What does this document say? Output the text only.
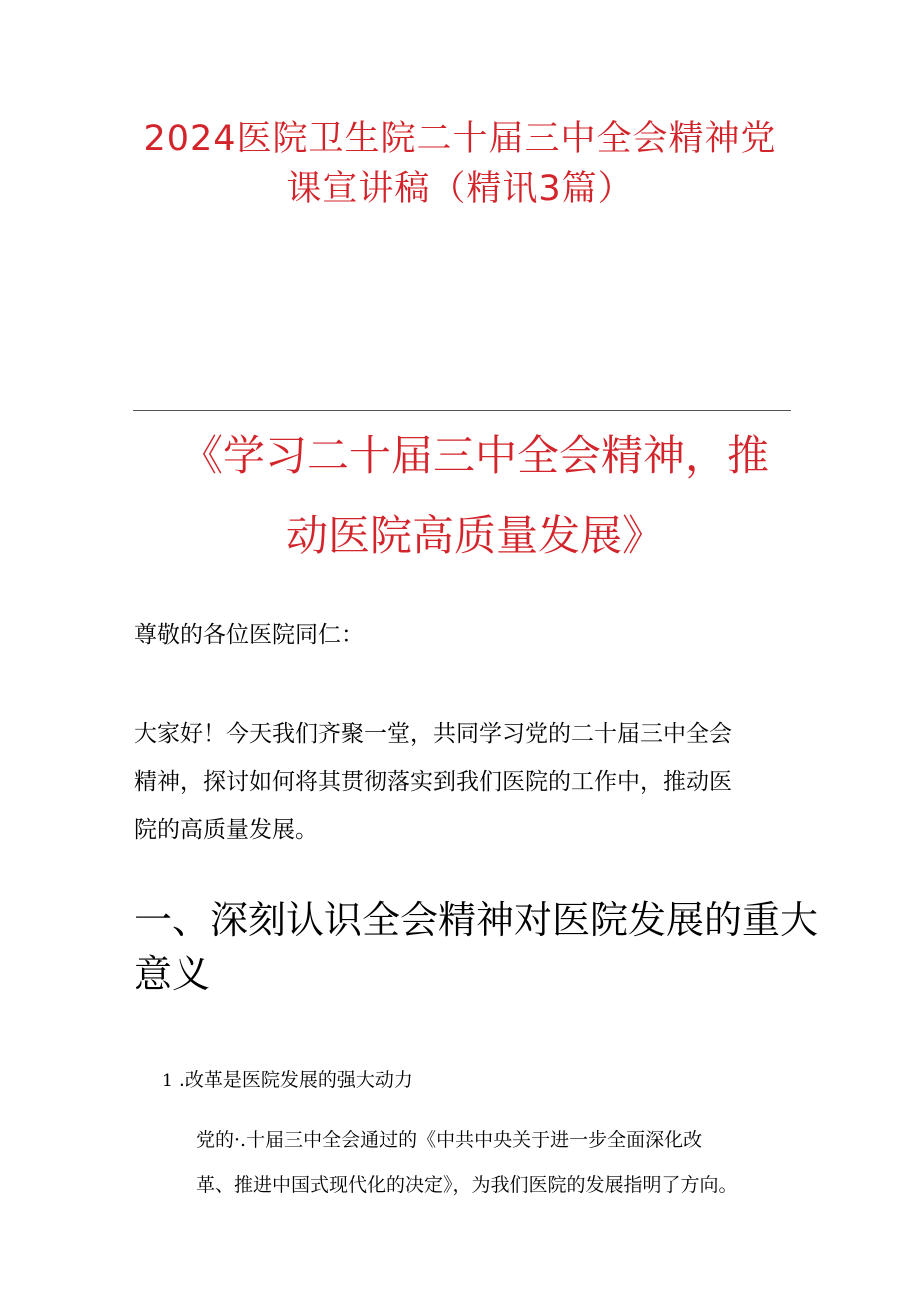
2024医院卫生院二十届三中全会精神党
课宣讲稿（精讯3篇）
《学习二十届三中全会精神，推
动医院高质量发展》

尊敬的各位医院同仁：

大家好！今天我们齐聚一堂，共同学习党的二十届三中全会
精神，探讨如何将其贯彻落实到我们医院的工作中，推动医
院的高质量发展。

一、深刻认识全会精神对医院发展的重大
意义
1 .改革是医院发展的强大动力

党的·.十届三中全会通过的《中共中央关于进一步全面深化改
革、推进中国式现代化的决定》，为我们医院的发展指明了方向。
